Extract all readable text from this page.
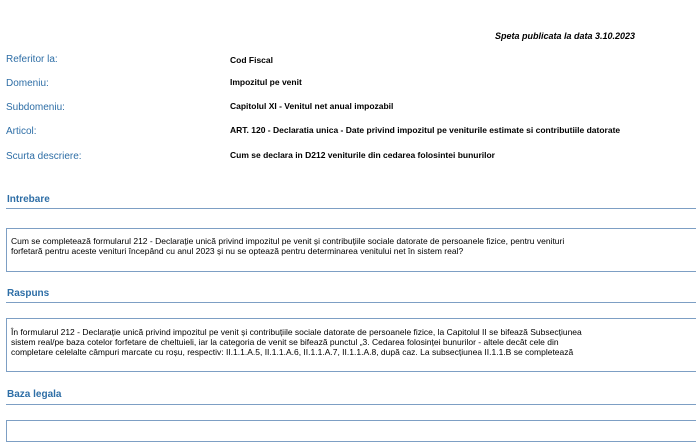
Speta publicata la data 3.10.2023
Referitor la:	Cod Fiscal
Domeniu:	Impozitul pe venit
Subdomeniu:	Capitolul XI - Venitul net anual impozabil
Articol:	ART. 120 - Declaratia unica - Date privind impozitul pe veniturile estimate si contributiile datorate
Scurta descriere:	Cum se declara in D212 veniturile din cedarea folosintei bunurilor
Intrebare

Cum se completează formularul 212 - Declarație unică privind impozitul pe venit și contribuțiile sociale datorate de persoanele fizice, pentru venituri
forfetară pentru aceste venituri începând cu anul 2023 și nu se optează pentru determinarea venitului net în sistem real?

Raspuns

În formularul 212 - Declarație unică privind impozitul pe venit și contribuțiile sociale datorate de persoanele fizice, la Capitolul II se bifează Subsecțiunea
sistem real/pe baza cotelor forfetare de cheltuieli, iar la categoria de venit se bifează punctul „3. Cedarea folosinței bunurilor - altele decât cele din
completare celelalte câmpuri marcate cu roșu, respectiv: II.1.1.A.5, II.1.1.A.6, II.1.1.A.7, II.1.1.A.8, după caz. La subsecțiunea II.1.1.B se completează

Baza legala
